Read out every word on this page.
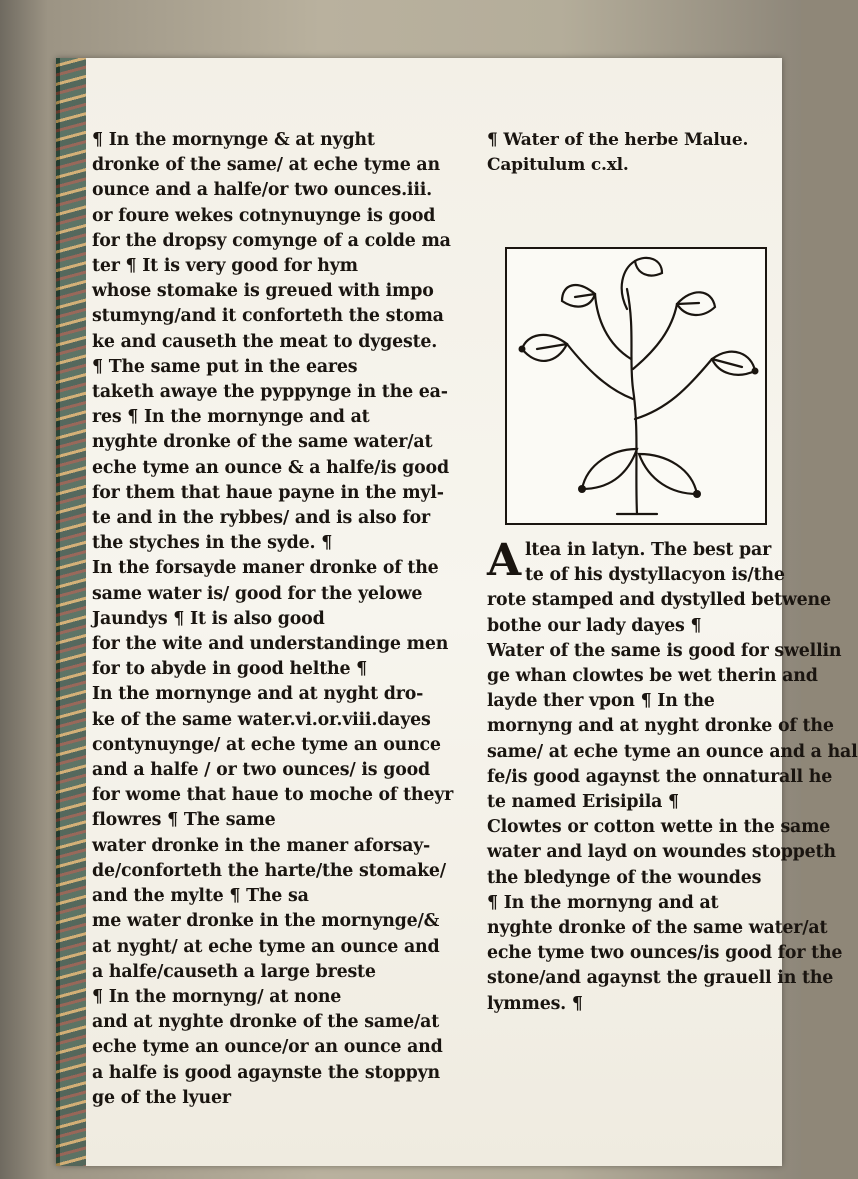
¶ In the mornynge & at nyght

dronke of the same/ at eche tyme an

ounce and a halfe/or two ounces.iii.

or foure wekes cotnynuynge is good

for the dropsy comynge of a colde ma

ter ¶ It is very good for hym

whose stomake is greued with impo

stumyng/and it conforteth the stoma

ke and causeth the meat to dygeste.

¶ The same put in the eares

taketh awaye the pyppynge in the ea-

res ¶ In the mornynge and at

nyghte dronke of the same water/at

eche tyme an ounce & a halfe/is good

for them that haue payne in the myl-

te and in the rybbes/ and is also for

the styches in the syde. ¶

In the forsayde maner dronke of the

same water is/ good for the yelowe

Jaundys ¶ It is also good

for the wite and understandinge men

for to abyde in good helthe ¶

In the mornynge and at nyght dro-

ke of the same water.vi.or.viii.dayes

contynuynge/ at eche tyme an ounce

and a halfe / or two ounces/ is good

for wome that haue to moche of theyr

flowres ¶ The same

water dronke in the maner aforsay-

de/conforteth the harte/the stomake/

and the mylte ¶ The sa

me water dronke in the mornynge/&

at nyght/ at eche tyme an ounce and

a halfe/causeth a large breste

¶ In the mornyng/ at none

and at nyghte dronke of the same/at

eche tyme an ounce/or an ounce and

a halfe is good agaynste the stoppyn

ge of the lyuer

¶ Water of the herbe Malue.

Capitulum c.xl.

Altea in latyn. The best par

te of his dystyllacyon is/the

rote stamped and dystylled betwene

bothe our lady dayes ¶

Water of the same is good for swellin

ge whan clowtes be wet therin and

layde ther vpon ¶ In the

mornyng and at nyght dronke of the

same/ at eche tyme an ounce and a hal

fe/is good agaynst the onnaturall he

te named Erisipila ¶

Clowtes or cotton wette in the same

water and layd on woundes stoppeth

the bledynge of the woundes

¶ In the mornyng and at

nyghte dronke of the same water/at

eche tyme two ounces/is good for the

stone/and agaynst the grauell in the

lymmes. ¶
